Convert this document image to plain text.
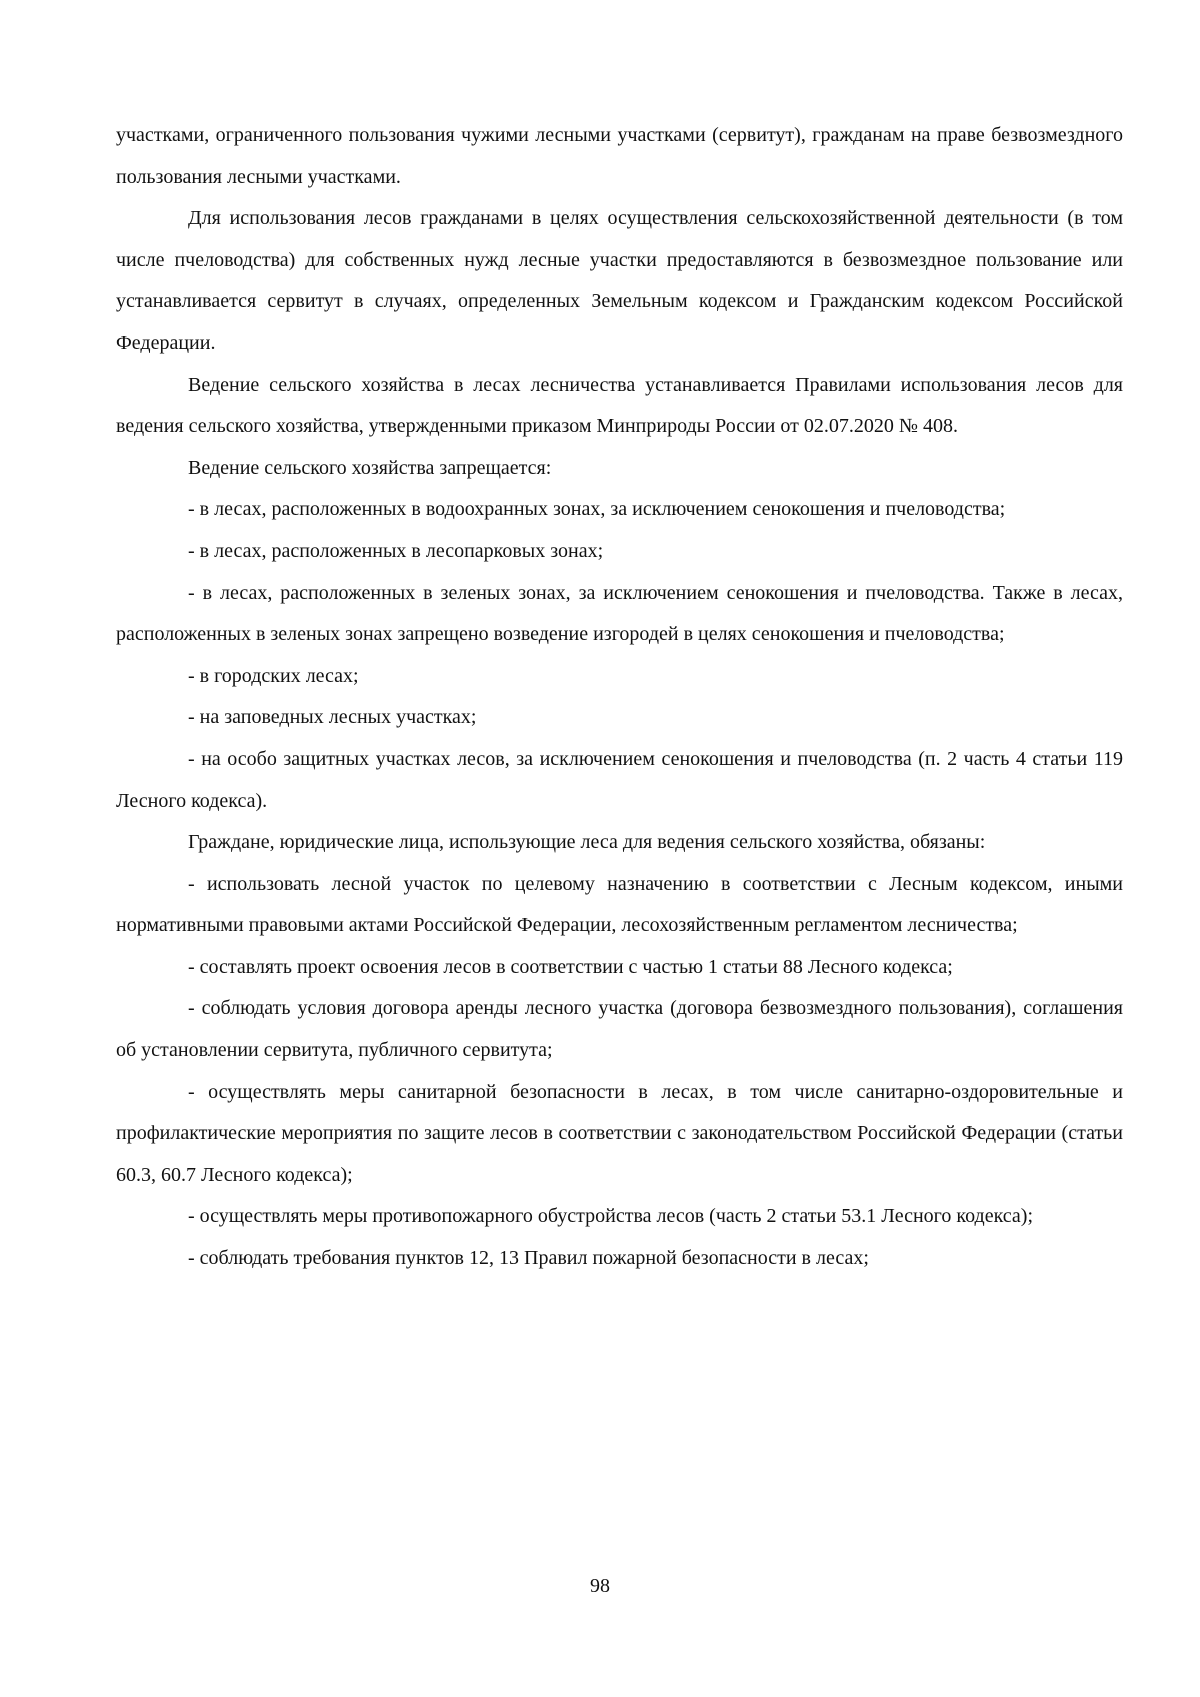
участками, ограниченного пользования чужими лесными участками (сервитут), гражданам на праве безвозмездного пользования лесными участками.

Для использования лесов гражданами в целях осуществления сельскохозяйственной деятельности (в том числе пчеловодства) для собственных нужд лесные участки предоставляются в безвозмездное пользование или устанавливается сервитут в случаях, определенных Земельным кодексом и Гражданским кодексом Российской Федерации.

Ведение сельского хозяйства в лесах лесничества устанавливается Правилами использования лесов для ведения сельского хозяйства, утвержденными приказом Минприроды России от 02.07.2020 № 408.

Ведение сельского хозяйства запрещается:

- в лесах, расположенных в водоохранных зонах, за исключением сенокошения и пчеловодства;

- в лесах, расположенных в лесопарковых зонах;

- в лесах, расположенных в зеленых зонах, за исключением сенокошения и пчеловодства. Также в лесах, расположенных в зеленых зонах запрещено возведение изгородей в целях сенокошения и пчеловодства;

- в городских лесах;

- на заповедных лесных участках;

- на особо защитных участках лесов, за исключением сенокошения и пчеловодства (п. 2 часть 4 статьи 119 Лесного кодекса).

Граждане, юридические лица, использующие леса для ведения сельского хозяйства, обязаны:

- использовать лесной участок по целевому назначению в соответствии с Лесным кодексом, иными нормативными правовыми актами Российской Федерации, лесохозяйственным регламентом лесничества;

- составлять проект освоения лесов в соответствии с частью 1 статьи 88 Лесного кодекса;

- соблюдать условия договора аренды лесного участка (договора безвозмездного пользования), соглашения об установлении сервитута, публичного сервитута;

- осуществлять меры санитарной безопасности в лесах, в том числе санитарно-оздоровительные и профилактические мероприятия по защите лесов в соответствии с законодательством Российской Федерации (статьи 60.3, 60.7 Лесного кодекса);

- осуществлять меры противопожарного обустройства лесов (часть 2 статьи 53.1 Лесного кодекса);

- соблюдать требования пунктов 12, 13 Правил пожарной безопасности в лесах;

98
